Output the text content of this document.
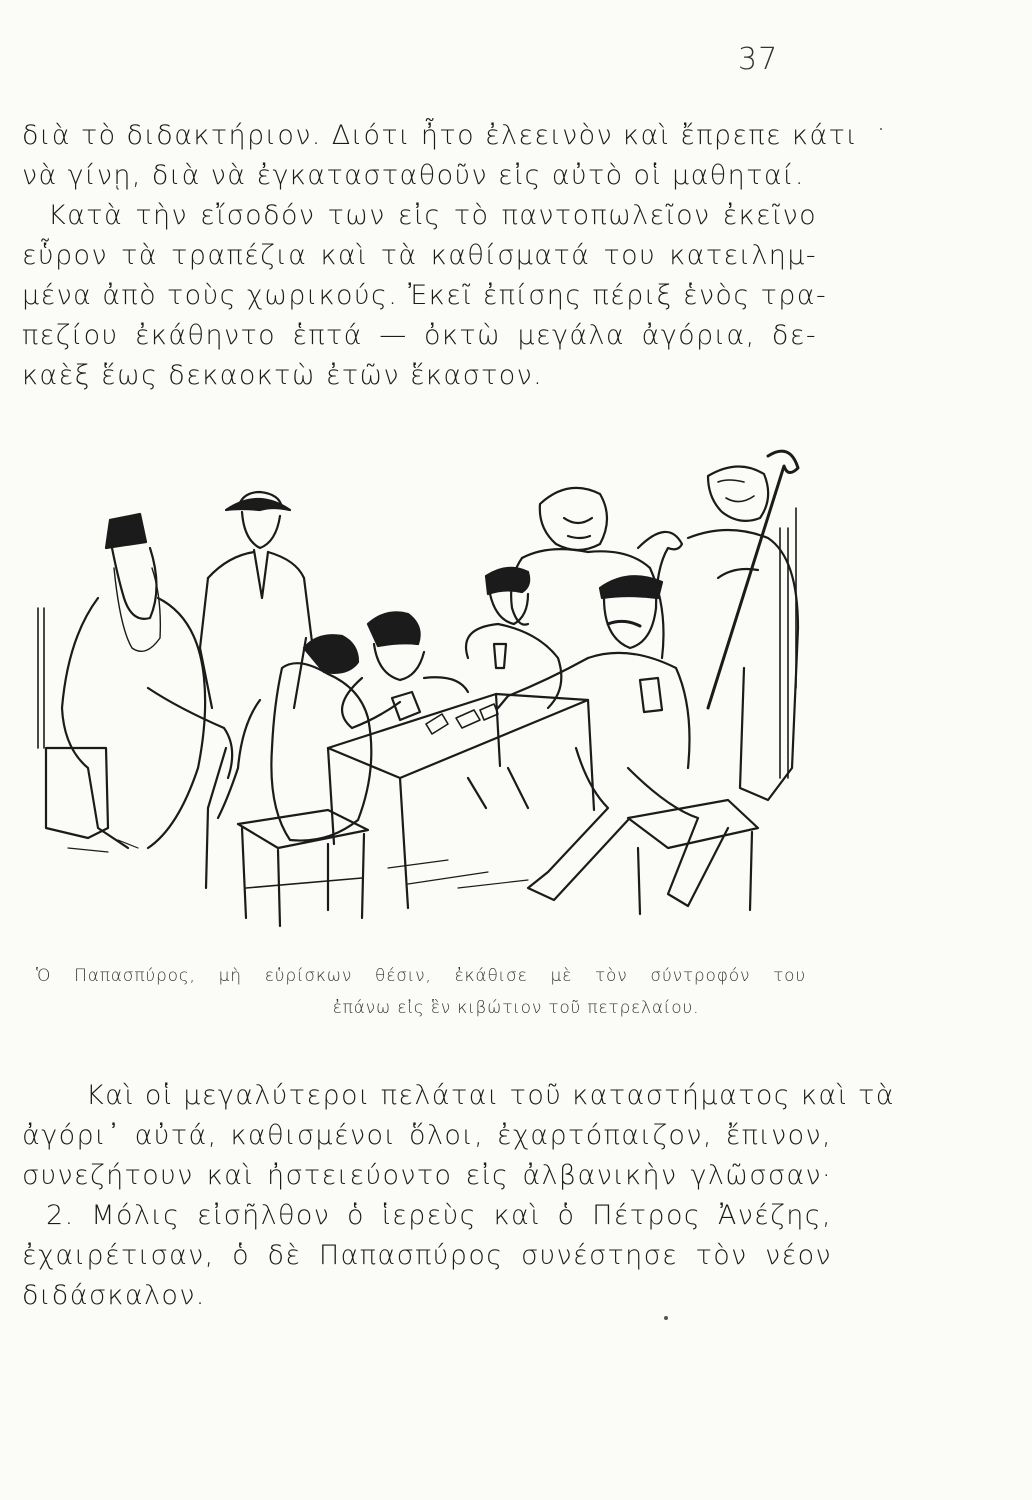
37
διὰ τὸ διδακτήριον. Διότι ἦτο ἐλεεινὸν καὶ ἔπρεπε κάτι
νὰ γίνῃ, διὰ νὰ ἐγκατασταθοῦν εἰς αὐτὸ οἱ μαθηταί.
Κατὰ τὴν εἴσοδόν των εἰς τὸ παντοπωλεῖον ἐκεῖνο
εὗρον τὰ τραπέζια καὶ τὰ καθίσματά του κατειλημ-
μένα ἀπὸ τοὺς χωρικούς. Ἐκεῖ ἐπίσης πέριξ ἑνὸς τρα-
πεζίου ἐκάθηντο ἑπτά — ὀκτὼ μεγάλα ἀγόρια, δε-
καὲξ ἕως δεκαοκτὼ ἐτῶν ἕκαστον.
Ὁ Παπασπύρος, μὴ εὑρίσκων θέσιν, ἐκάθισε μὲ τὸν σύντροφόν του
ἐπάνω εἰς ἓν κιβώτιον τοῦ πετρελαίου.
Καὶ οἱ μεγαλύτεροι πελάται τοῦ καταστήματος καὶ τὰ
ἀγόρι᾿ αὐτά, καθισμένοι ὅλοι, ἐχαρτόπαιζον, ἔπινον,
συνεζήτουν καὶ ἠστειεύοντο εἰς ἀλβανικὴν γλῶσσαν·
2. Μόλις εἰσῆλθον ὁ ἱερεὺς καὶ ὁ Πέτρος Ἀνέζης,
ἐχαιρέτισαν, ὁ δὲ Παπασπύρος συνέστησε τὸν νέον
διδάσκαλον.
